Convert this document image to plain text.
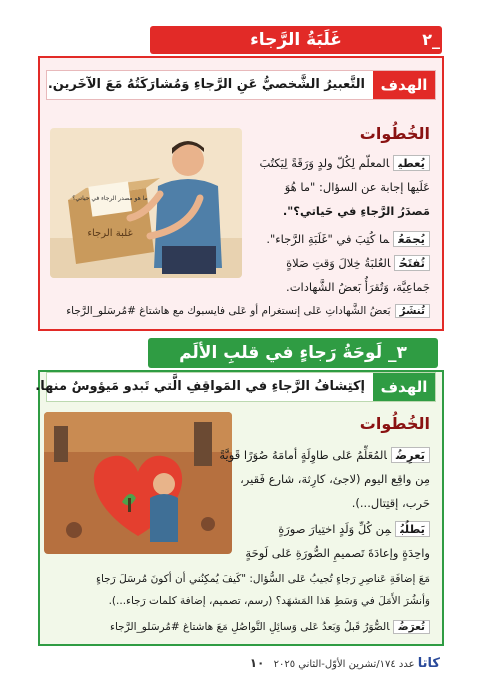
غَلَبَةُ الرَّجاء	٢_
الهدف
التَّعبيرُ الشَّخصيُّ عَنِ الرَّجاءِ وَمُشارَكَتُهُ مَعَ الآخَرين.
الخُطُوات
غلبة الرجاء
ما هو مصدر الرجاء في حياتي؟
يُعطيالمعلّم لِكُلّ ولدٍ وَرَقَةً لِيَكتُبَ
عَلَيها إجابة عن السؤال: "ما هُوَ
مَصدَرُ الرَّجاءِ في حَياتي؟".
يُجمَعُما كُتِبَ في "غَلَبَةِ الرَّجاء".
تُفتَحُالعُلبَةُ خِلالَ وَقتِ صَلاةٍ
جَماعِيَّة، وَتُقرَأُ بَعضُ الشَّهادات.
تُنشَرُبَعضُ الشَّهاداتِ عَلى إنستغرام أو عَلى فايسبوك مع هاشتاغ #مُرسَلو_الرَّجاء
٣_ لَوحَةُ رَجاءٍ في قلبِ الألَم
الهدف
إكتِشافُ الرَّجاءِ في المَواقِفِ الَّتي تَبدو مَيؤوسٌ منها.
الخُطُوات
يَعرِضُالمُعَلِّمُ عَلى طاوِلَةٍ أمامَهُ صُوَرًا قَويَّةً
مِن واقِع اليوم (لاجئ، كارِثة، شارع فَقير،
حَرب، إقتِتال...).
يَطلُبُمِن كُلِّ وَلَدٍ اختِيارَ صورَةٍ
واحِدَةٍ وإعادَةَ تَصميمِ الصُّورَةِ عَلى لَوحَةٍ
مَعَ إضافَةِ عَناصِرِ رَجاءٍ تُجيبُ عَلى السُّؤال: "كَيفَ يُمكِنُني أن أكونَ مُرسَلَ رَجاءٍ
وَأنشُرَ الأَمَلَ في وَسَطِ هَذا المَشهَد؟ (رسم، تصميم، إضافة كلمات رَجاء...).
تُعرَضُالصُّوَرُ قَبلُ وَبَعدُ عَلى وَسائِلِ التَّواصُلِ مَعَ هاشتاغ #مُرسَلو_الرَّجاء
كاتا عدد ١٧٤/تشرين الأوّل-الثاني ٢٠٢٥ ١٠
